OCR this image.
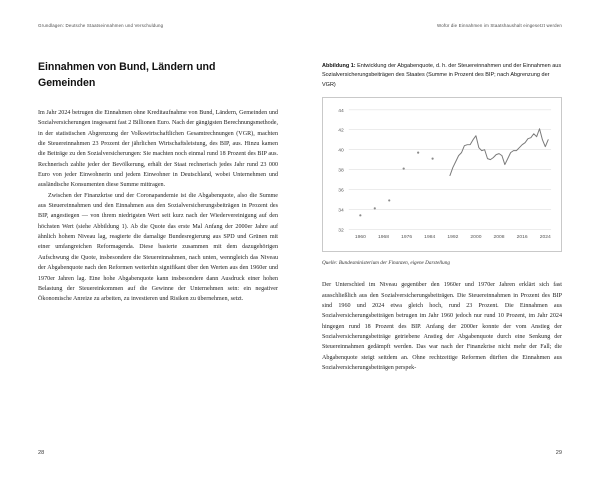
Grundlagen: Deutsche Staatseinnahmen und Verschuldung
Einnahmen von Bund, Ländern und Gemeinden

Im Jahr 2024 betrugen die Einnahmen ohne Kreditaufnahme von Bund, Ländern, Gemeinden und Sozialversicherungen insgesamt fast 2 Billionen Euro. Nach der gängigsten Berechnungsmethode, in der statistischen Abgrenzung der Volkswirtschaftlichen Gesamtrechnungen (VGR), machten die Steuereinnahmen 23 Prozent der jährlichen Wirtschaftsleistung, des BIP, aus. Hinzu kamen die Beiträge zu den Sozialversicherungen: Sie machten noch einmal rund 18 Prozent des BIP aus. Rechnerisch zahlte jeder der Bevölkerung, erhält der Staat rechnerisch jedes Jahr rund 23 000 Euro von jeder Einwohnerin und jedem Einwohner in Deutschland, wobei Unternehmen und ausländische Konsumenten diese Summe mittragen.

Zwischen der Finanzkrise und der Coronapandemie ist die Abgabenquote, also die Summe aus Steuereinnahmen und den Einnahmen aus den Sozialversicherungsbeiträgen in Prozent des BIP, angestiegen — von ihrem niedrigsten Wert seit kurz nach der Wiedervereinigung auf den höchsten Wert (siehe Abbildung 1). Ab die Quote das erste Mal Anfang der 2000er Jahre auf ähnlich hohem Niveau lag, reagierte die damalige Bundesregierung aus SPD und Grünen mit einer umfangreichen Reformagenda. Diese basierte zusammen mit dem dazugehörigen Aufschwung die Quote, insbesondere die Steuereinnahmen, nach unten, wenngleich das Niveau der Abgabenquote nach den Reformen weiterhin signifikant über den Werten aus den 1960er und 1970er Jahren lag. Eine hohe Abgabenquote kann insbesondere dann Ausdruck einer hohen Belastung der Steuereinkommen auf die Gewinne der Unternehmen sein: ein negativer Ökonomische Anreize zu arbeiten, zu investieren und Risiken zu übernehmen, setzt.

28
Wofür die Einnahmen im Staatshaushalt eingesetzt werden
Abbildung 1: Entwicklung der Abgabenquote, d. h. der Steuereinnahmen und der Einnahmen aus Sozialversicherungsbeiträgen des Staates (Summe in Prozent des BIP; nach Abgrenzung der VGR)
32
34
36
38
40
42
44
1960 1968 1976 1984 1992 2000 2008 2016 2024
Quelle: Bundesministerium der Finanzen, eigene Darstellung

Der Unterschied im Niveau gegenüber den 1960er und 1970er Jahren erklärt sich fast ausschließlich aus den Sozialversicherungsbeiträgen. Die Steuereinnahmen in Prozent des BIP sind 1960 und 2024 etwa gleich hoch, rund 23 Prozent. Die Einnahmen aus Sozialversicherungsbeiträgen betrugen im Jahr 1960 jedoch nur rund 10 Prozent, im Jahr 2024 hingegen rund 18 Prozent des BIP. Anfang der 2000er konnte der vom Anstieg der Sozialversicherungsbeiträge getriebene Anstieg der Abgabenquote durch eine Senkung der Steuereinnahmen gedämpft werden. Das war nach der Finanzkrise nicht mehr der Fall; die Abgabenquote steigt seitdem an. Ohne rechtzeitige Reformen dürften die Einnahmen aus Sozialversicherungsbeiträgen perspek-

29
